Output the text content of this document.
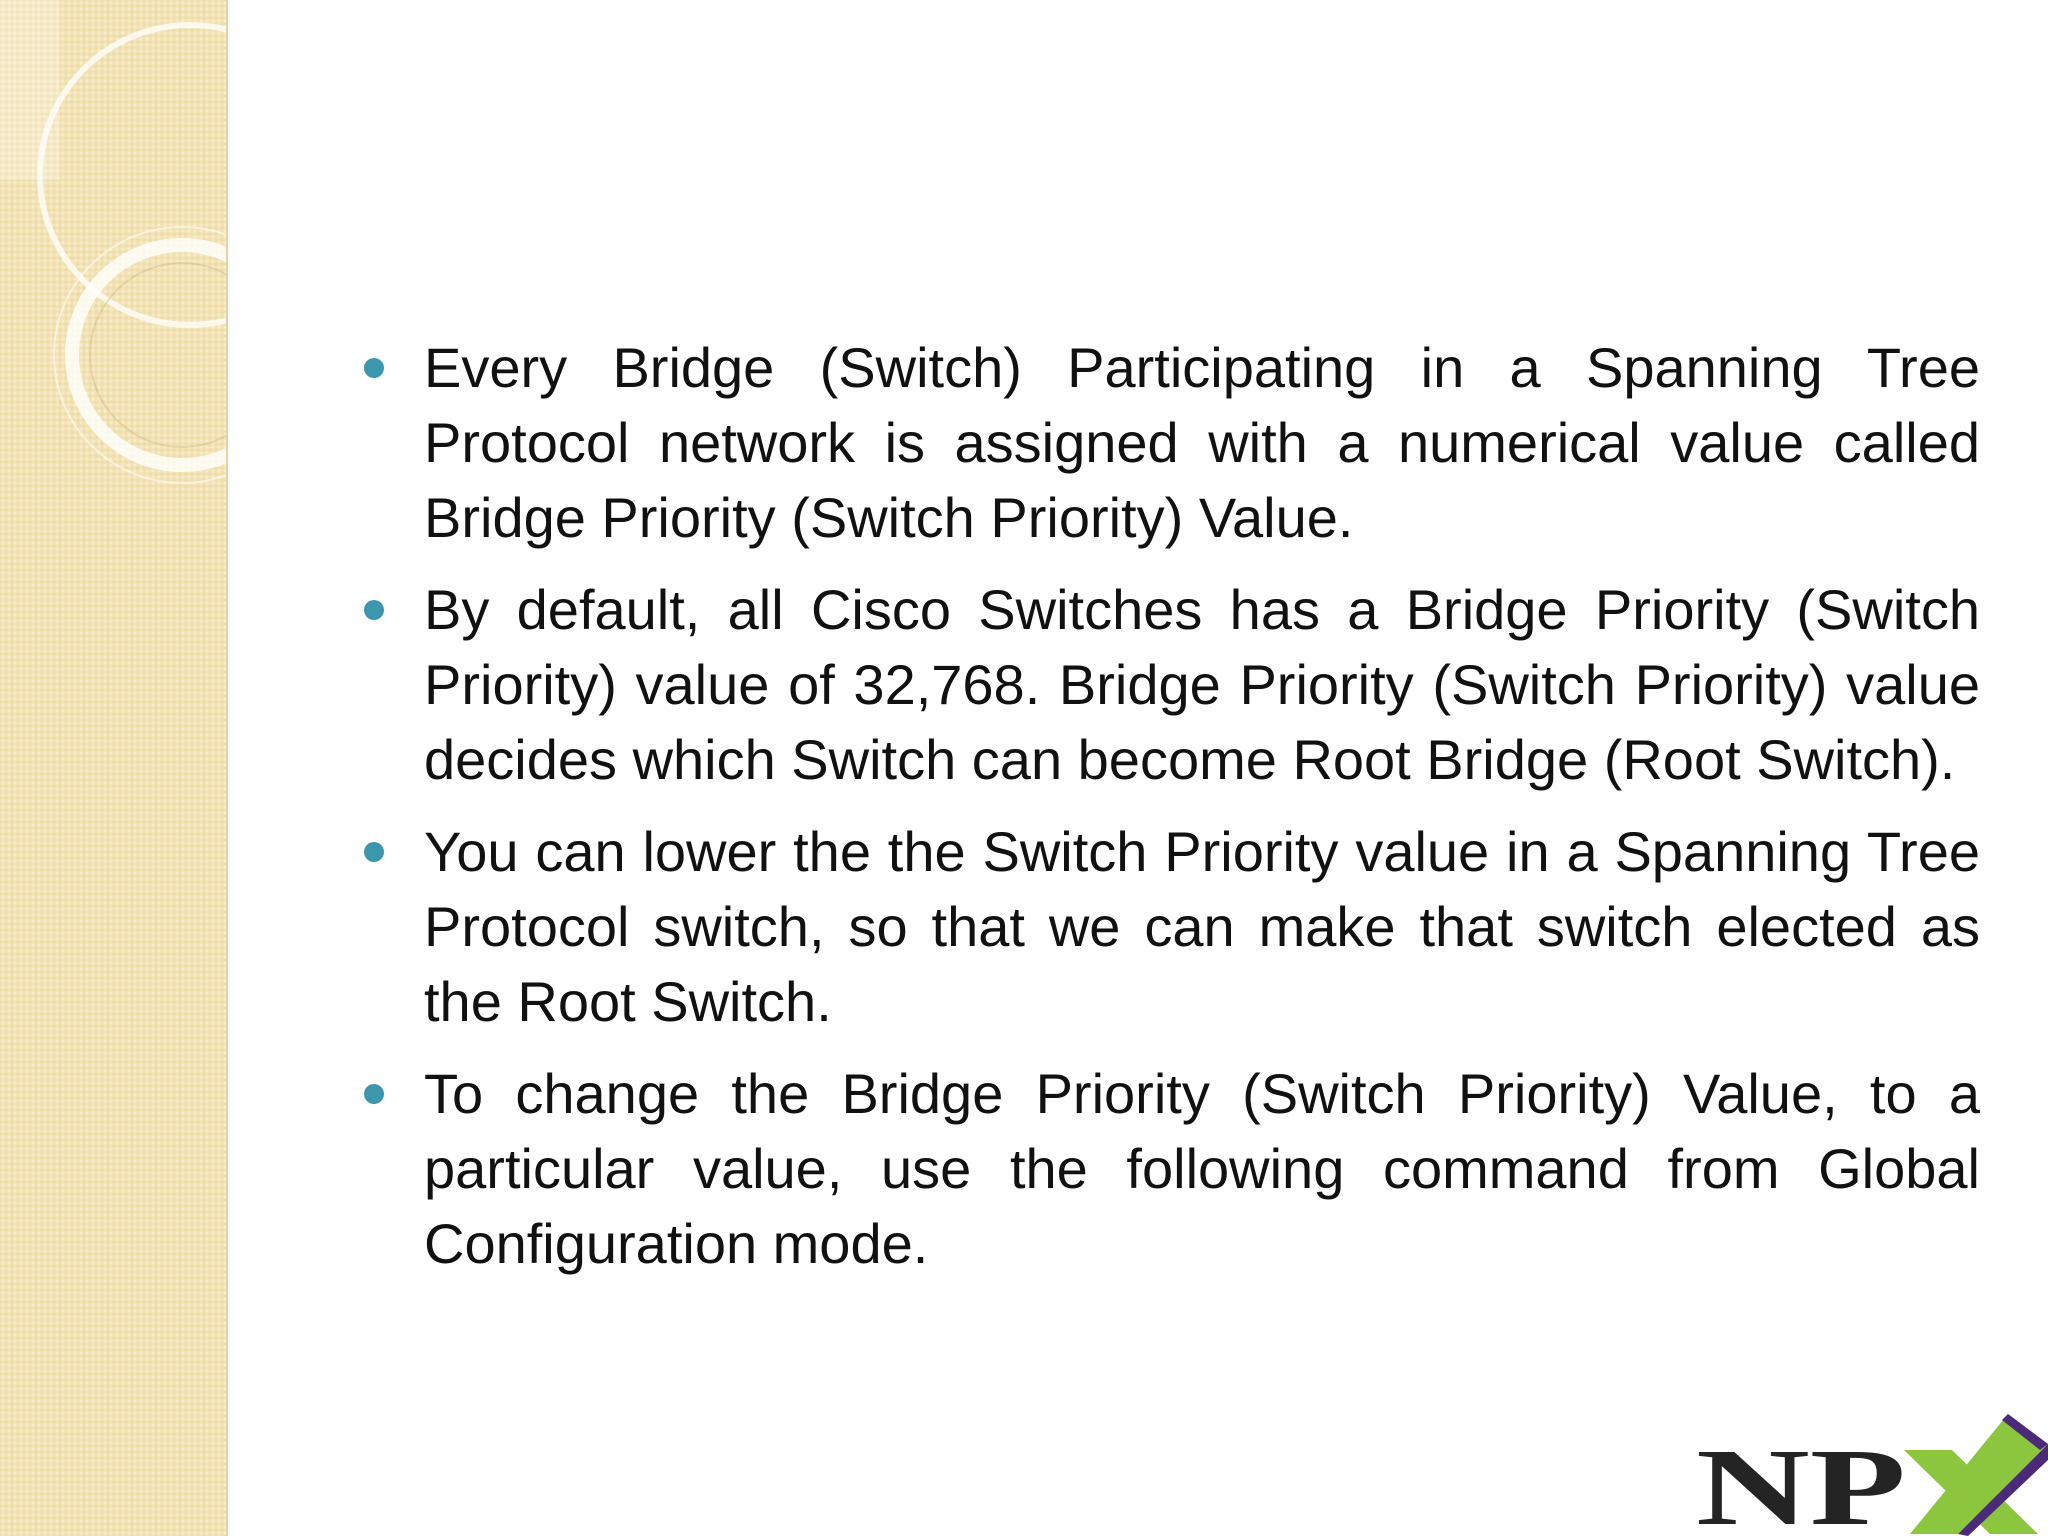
Every Bridge (Switch) Participating in a Spanning Tree Protocol network is assigned with a numerical value called Bridge Priority (Switch Priority) Value.
By default, all Cisco Switches has a Bridge Priority (Switch Priority) value of 32,768. Bridge Priority (Switch Priority) value decides which Switch can become Root Bridge (Root Switch).
You can lower the the Switch Priority value in a Spanning Tree Protocol switch, so that we can make that switch elected as the Root Switch.
To change the Bridge Priority (Switch Priority) Value, to a particular value, use the following command from Global Configuration mode.
NP
